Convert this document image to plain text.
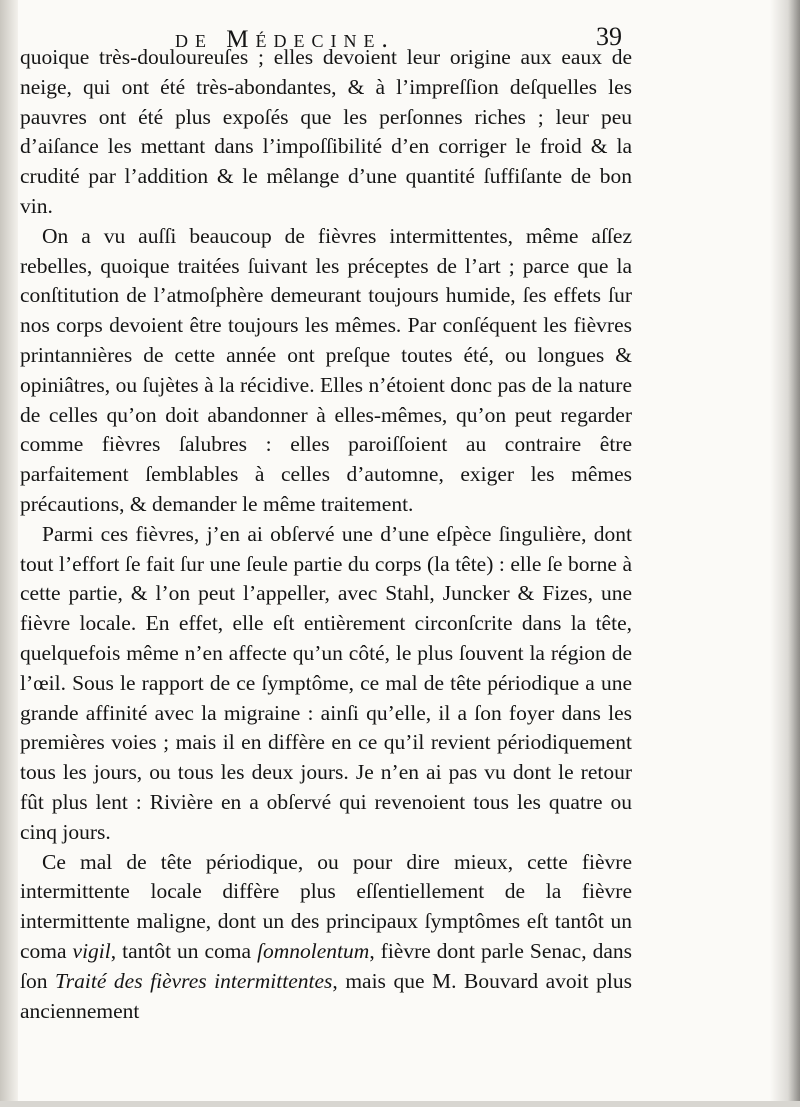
de Médecine.	39

quoique très-douloureuſes ; elles devoient leur origine aux eaux de neige, qui ont été très-abondantes, & à l’impreſſion deſquelles les pauvres ont été plus expoſés que les perſonnes riches ; leur peu d’aiſance les mettant dans l’impoſſibilité d’en corriger le froid & la crudité par l’addition & le mêlange d’une quantité ſuffiſante de bon vin.

On a vu auſſi beaucoup de fièvres intermittentes, même aſſez rebelles, quoique traitées ſuivant les préceptes de l’art ; parce que la conſtitution de l’atmoſphère demeurant toujours humide, ſes effets ſur nos corps devoient être toujours les mêmes. Par conſéquent les fièvres printannières de cette année ont preſque toutes été, ou longues & opiniâtres, ou ſujètes à la récidive. Elles n’étoient donc pas de la nature de celles qu’on doit abandonner à elles-mêmes, qu’on peut regarder comme fièvres ſalubres : elles paroiſſoient au contraire être parfaitement ſemblables à celles d’automne, exiger les mêmes précautions, & demander le même traitement.

Parmi ces fièvres, j’en ai obſervé une d’une eſpèce ſingulière, dont tout l’effort ſe fait ſur une ſeule partie du corps (la tête) : elle ſe borne à cette partie, & l’on peut l’appeller, avec Stahl, Juncker & Fizes, une fièvre locale. En effet, elle eſt entièrement circonſcrite dans la tête, quelquefois même n’en affecte qu’un côté, le plus ſouvent la région de l’œil. Sous le rapport de ce ſymptôme, ce mal de tête périodique a une grande affinité avec la migraine : ainſi qu’elle, il a ſon foyer dans les premières voies ; mais il en diffère en ce qu’il revient périodiquement tous les jours, ou tous les deux jours. Je n’en ai pas vu dont le retour fût plus lent : Rivière en a obſervé qui revenoient tous les quatre ou cinq jours.

Ce mal de tête périodique, ou pour dire mieux, cette fièvre intermittente locale diffère plus eſſentiellement de la fièvre intermittente maligne, dont un des principaux ſymptômes eſt tantôt un coma vigil, tantôt un coma ſomnolentum, fièvre dont parle Senac, dans ſon Traité des fièvres intermittentes, mais que M. Bouvard avoit plus anciennement
